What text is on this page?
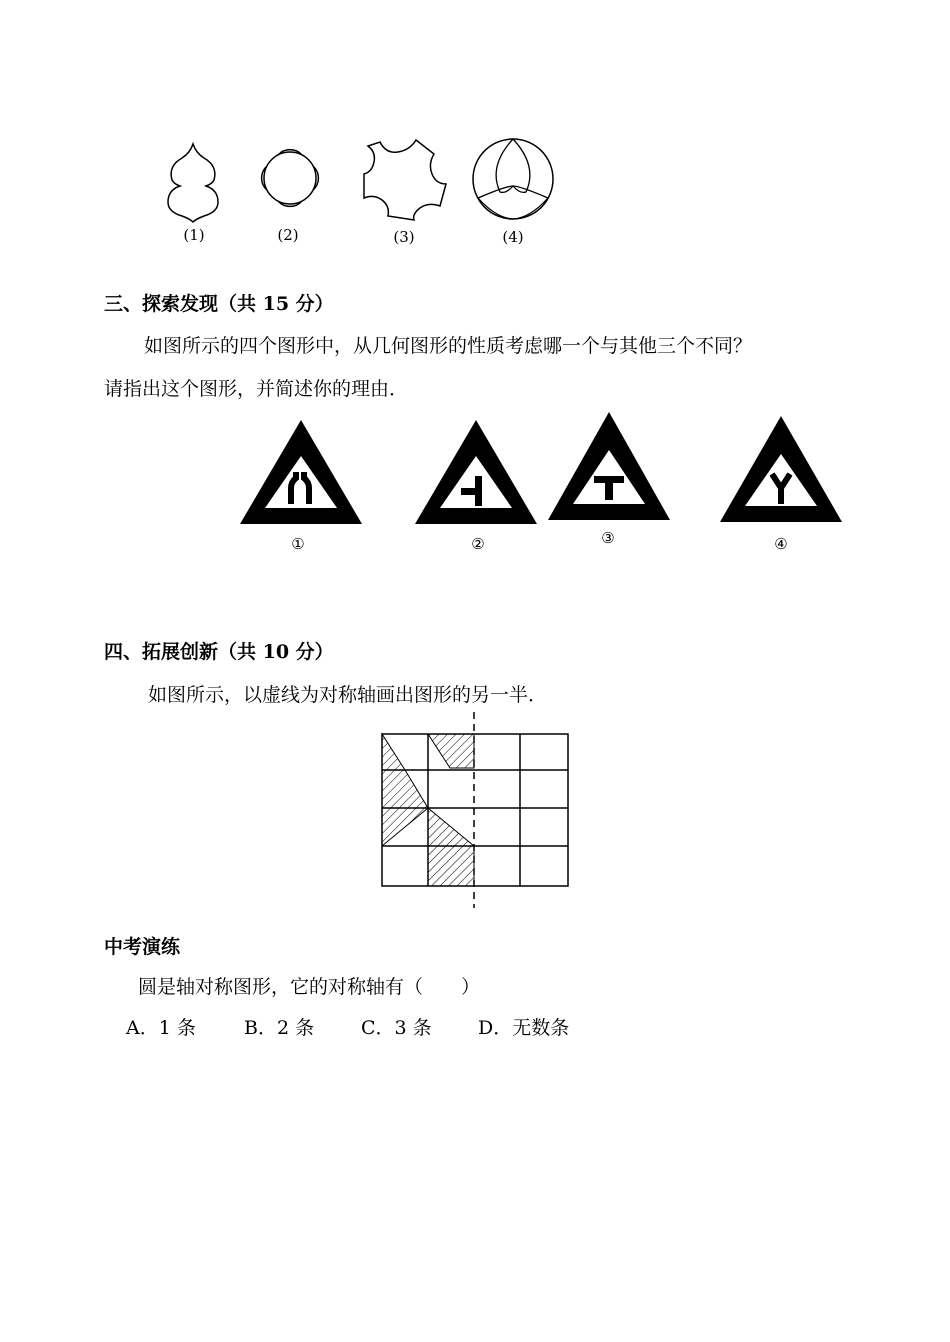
(1)	(2)	(3)	(4)
三、探索发现（共 15 分）
如图所示的四个图形中，从几何图形的性质考虑哪一个与其他三个不同？
请指出这个图形，并简述你的理由．
①	②	③	④
四、拓展创新（共 10 分）
如图所示，以虚线为对称轴画出图形的另一半．
中考演练
圆是轴对称图形，它的对称轴有（　　）
A．1 条	B．2 条 C．3 条 D．无数条
